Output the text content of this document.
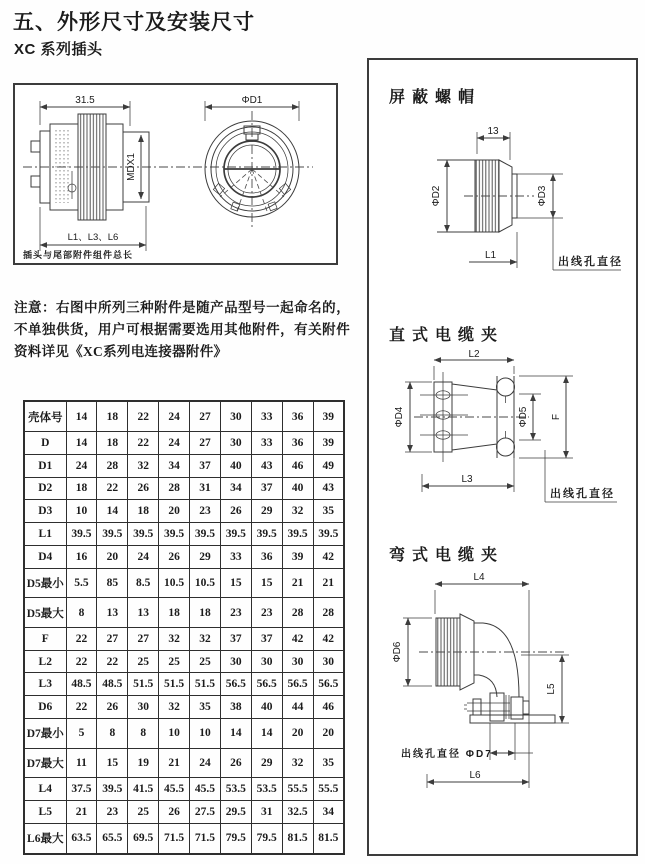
五、外形尺寸及安装尺寸
XC 系列插头
31.5
MDX1
L1、L3、L6
插头与尾部附件组件总长
ΦD1
注意：右图中所列三种附件是随产品型号一起命名的，不单独供货，用户可根据需要选用其他附件，有关附件资料详见《XC系列电连接器附件》
壳体号	14	18	22	24	27	30	33	36	39
D	14	18	22	24	27	30	33	36	39
D1	24	28	32	34	37	40	43	46	49
D2	18	22	26	28	31	34	37	40	43
D3	10	14	18	20	23	26	29	32	35
L1	39.5	39.5	39.5	39.5	39.5	39.5	39.5	39.5	39.5
D4	16	20	24	26	29	33	36	39	42
D5最小	5.5	85	8.5	10.5	10.5	15	15	21	21
D5最大	8	13	13	18	18	23	23	28	28
F	22	27	27	32	32	37	37	42	42
L2	22	22	25	25	25	30	30	30	30
L3	48.5	48.5	51.5	51.5	51.5	56.5	56.5	56.5	56.5
D6	22	26	30	32	35	38	40	44	46
D7最小	5	8	8	10	10	14	14	20	20
D7最大	11	15	19	21	24	26	29	32	35
L4	37.5	39.5	41.5	45.5	45.5	53.5	53.5	55.5	55.5
L5	21	23	25	26	27.5	29.5	31	32.5	34
L6最大	63.5	65.5	69.5	71.5	71.5	79.5	79.5	81.5	81.5
屏蔽螺帽
13
ΦD2	ΦD3
L1
出线孔直径
直式电缆夹
L2
ΦD4	ΦD5 F
L3
出线孔直径
弯式电缆夹
L4
ΦD6
L5
出线孔直径 ΦD7
L6
